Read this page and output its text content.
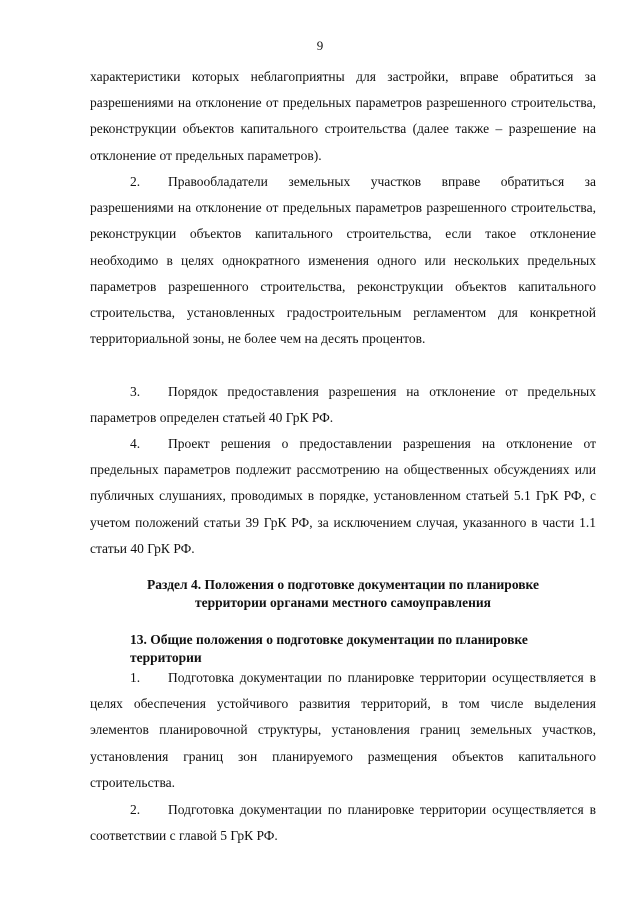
9

характеристики которых неблагоприятны для застройки, вправе обратиться за разрешениями на отклонение от предельных параметров разрешенного строительства, реконструкции объектов капитального строительства (далее также – разрешение на отклонение от предельных параметров).

2. Правообладатели земельных участков вправе обратиться за разрешениями на отклонение от предельных параметров разрешенного строительства, реконструкции объектов капитального строительства, если такое отклонение необходимо в целях однократного изменения одного или нескольких предельных параметров разрешенного строительства, реконструкции объектов капитального строительства, установленных градостроительным регламентом для конкретной территориальной зоны, не более чем на десять процентов.

3. Порядок предоставления разрешения на отклонение от предельных параметров определен статьей 40 ГрК РФ.

4. Проект решения о предоставлении разрешения на отклонение от предельных параметров подлежит рассмотрению на общественных обсуждениях или публичных слушаниях, проводимых в порядке, установленном статьей 5.1 ГрК РФ, с учетом положений статьи 39 ГрК РФ, за исключением случая, указанного в части 1.1 статьи 40 ГрК РФ.

Раздел 4. Положения о подготовке документации по планировке

территории органами местного самоуправления

13. Общие положения о подготовке документации по планировке территории

1. Подготовка документации по планировке территории осуществляется в целях обеспечения устойчивого развития территорий, в том числе выделения элементов планировочной структуры, установления границ земельных участков, установления границ зон планируемого размещения объектов капитального строительства.

2. Подготовка документации по планировке территории осуществляется в соответствии с главой 5 ГрК РФ.
